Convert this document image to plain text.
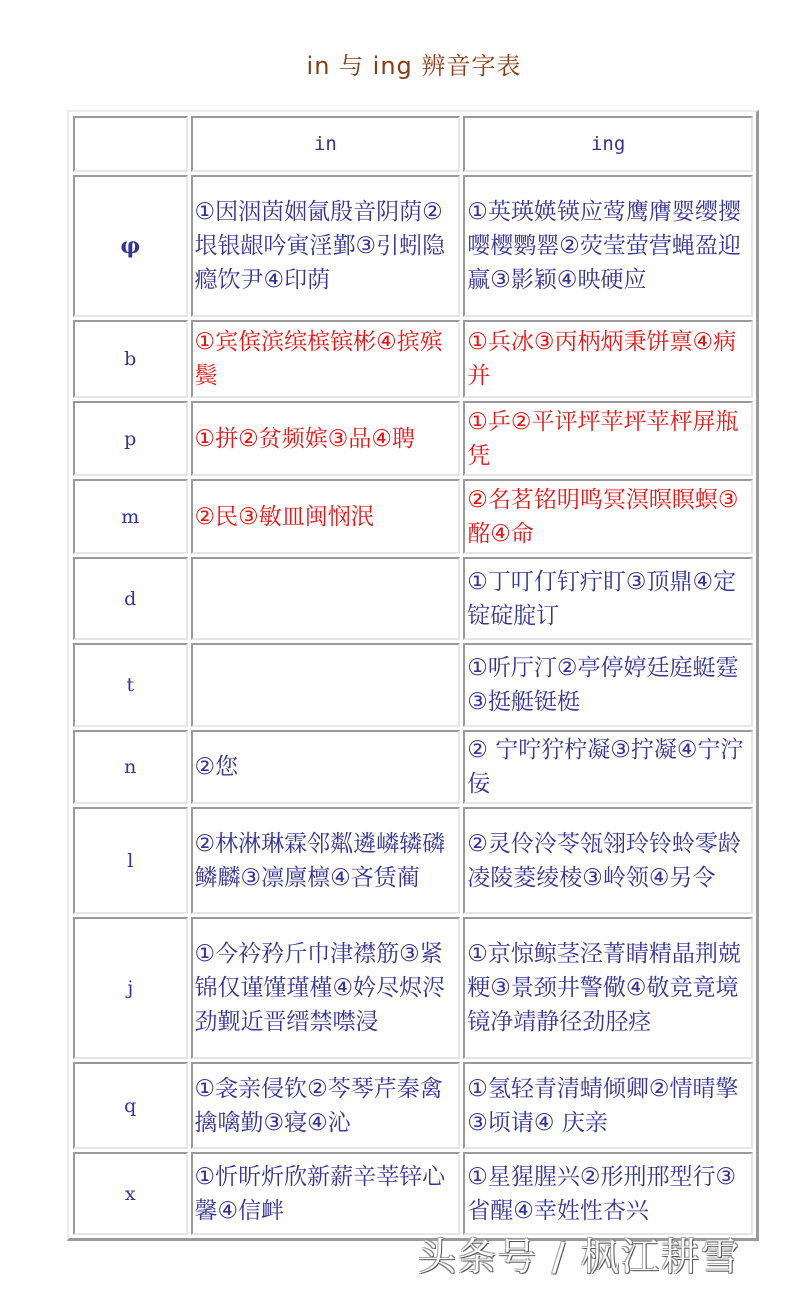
in 与 ing 辨音字表
	in	ing
φ	①因洇茵姻氤殷音阴荫②垠银龈吟寅淫鄞③引蚓隐瘾饮尹④印荫	①英瑛媖锳应莺鹰膺婴缨撄嘤樱鹦罂②荧莹萤营蝇盈迎赢③影颖④映硬应
b	①宾傧滨缤槟镔彬④摈殡鬓	①兵冰③丙柄炳秉饼禀④病并
p	①拼②贫频嫔③品④聘	①乒②平评坪苹坪苹枰屏瓶凭
m	②民③敏皿闽悯泯	②名茗铭明鸣冥溟暝瞑螟③酩④命
d		①丁叮仃钉疔盯③顶鼎④定锭碇腚订
t		①听厅汀②亭停婷廷庭蜓霆③挺艇铤梃
n	②您	② 宁咛狞柠凝③拧凝④宁泞佞
l	②林淋琳霖邻粼遴嶙辚磷鳞麟③凛廪檩④吝赁蔺	②灵伶泠苓瓴翎玲铃蛉零龄凌陵菱绫棱③岭领④另令
j	①今衿矜斤巾津襟筋③紧锦仅谨馑瑾槿④妗尽烬浕劲觐近晋缙禁噤浸	①京惊鲸茎泾菁睛精晶荆兢粳③景颈井警儆④敬竞竟境镜净靖静径劲胫痉
q	①衾亲侵钦②芩琴芹秦禽擒噙勤③寝④沁	①氢轻青清蜻倾卿②情晴擎③顷请④ 庆亲
x	①忻昕炘欣新薪辛莘锌心馨④信衅	①星猩腥兴②形刑邢型行③省醒④幸姓性杏兴
头条号 / 枫江耕雪
